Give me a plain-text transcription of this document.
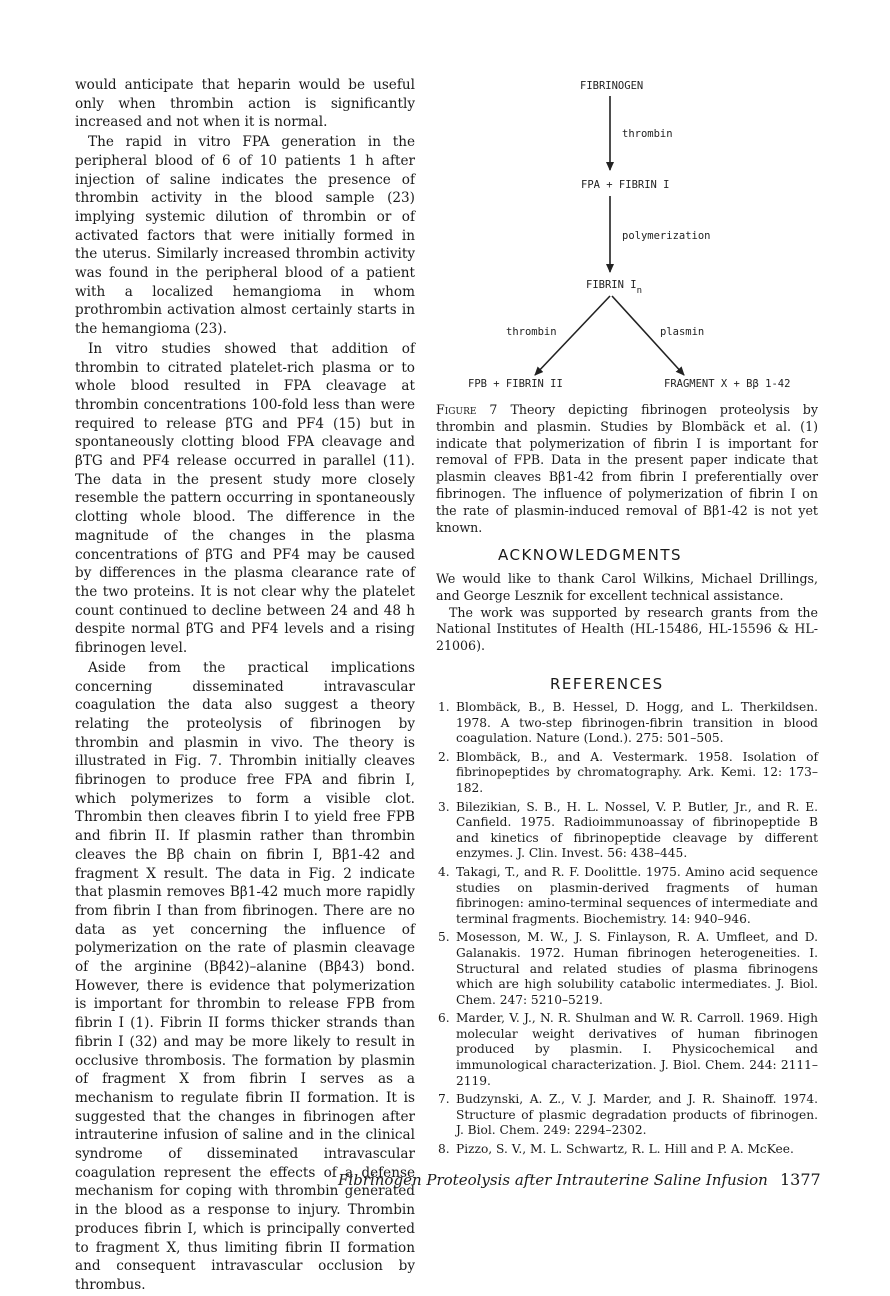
would anticipate that heparin would be useful only when thrombin action is significantly increased and not when it is normal.

The rapid in vitro FPA generation in the peripheral blood of 6 of 10 patients 1 h after injection of saline indicates the presence of thrombin activity in the blood sample (23) implying systemic dilution of thrombin or of activated factors that were initially formed in the uterus. Similarly increased thrombin activity was found in the peripheral blood of a patient with a localized hemangioma in whom prothrombin activation almost certainly starts in the hemangioma (23).

In vitro studies showed that addition of thrombin to citrated platelet-rich plasma or to whole blood resulted in FPA cleavage at thrombin concentrations 100-fold less than were required to release βTG and PF4 (15) but in spontaneously clotting blood FPA cleavage and βTG and PF4 release occurred in parallel (11). The data in the present study more closely resemble the pattern occurring in spontaneously clotting whole blood. The difference in the magnitude of the changes in the plasma concentrations of βTG and PF4 may be caused by differences in the plasma clearance rate of the two proteins. It is not clear why the platelet count continued to decline between 24 and 48 h despite normal βTG and PF4 levels and a rising fibrinogen level.

Aside from the practical implications concerning disseminated intravascular coagulation the data also suggest a theory relating the proteolysis of fibrinogen by thrombin and plasmin in vivo. The theory is illustrated in Fig. 7. Thrombin initially cleaves fibrinogen to produce free FPA and fibrin I, which polymerizes to form a visible clot. Thrombin then cleaves fibrin I to yield free FPB and fibrin II. If plasmin rather than thrombin cleaves the Bβ chain on fibrin I, Bβ1-42 and fragment X result. The data in Fig. 2 indicate that plasmin removes Bβ1-42 much more rapidly from fibrin I than from fibrinogen. There are no data as yet concerning the influence of polymerization on the rate of plasmin cleavage of the arginine (Bβ42)–alanine (Bβ43) bond. However, there is evidence that polymerization is important for thrombin to release FPB from fibrin I (1). Fibrin II forms thicker strands than fibrin I (32) and may be more likely to result in occlusive thrombosis. The formation by plasmin of fragment X from fibrin I serves as a mechanism to regulate fibrin II formation. It is suggested that the changes in fibrinogen after intrauterine infusion of saline and in the clinical syndrome of disseminated intravascular coagulation represent the effects of a defense mechanism for coping with thrombin generated in the blood as a response to injury. Thrombin produces fibrin I, which is principally converted to fragment X, thus limiting fibrin II formation and consequent intravascular occlusion by thrombus.

FIBRINOGEN
thrombin
FPA + FIBRIN I
polymerization
FIBRIN In
thrombin	plasmin
FPB + FIBRIN II	FRAGMENT X + Bβ 1-42
Figure 7 Theory depicting fibrinogen proteolysis by thrombin and plasmin. Studies by Blombäck et al. (1) indicate that polymerization of fibrin I is important for removal of FPB. Data in the present paper indicate that plasmin cleaves Bβ1-42 from fibrin I preferentially over fibrinogen. The influence of polymerization of fibrin I on the rate of plasmin-induced removal of Bβ1-42 is not yet known.
ACKNOWLEDGMENTS

We would like to thank Carol Wilkins, Michael Drillings, and George Lesznik for excellent technical assistance.

The work was supported by research grants from the National Institutes of Health (HL-15486, HL-15596 & HL-21006).

REFERENCES
1. Blombäck, B., B. Hessel, D. Hogg, and L. Therkildsen. 1978. A two-step fibrinogen-fibrin transition in blood coagulation. Nature (Lond.). 275: 501–505.
2. Blombäck, B., and A. Vestermark. 1958. Isolation of fibrinopeptides by chromatography. Ark. Kemi. 12: 173–182.
3. Bilezikian, S. B., H. L. Nossel, V. P. Butler, Jr., and R. E. Canfield. 1975. Radioimmunoassay of fibrinopeptide B and kinetics of fibrinopeptide cleavage by different enzymes. J. Clin. Invest. 56: 438–445.
4. Takagi, T., and R. F. Doolittle. 1975. Amino acid sequence studies on plasmin-derived fragments of human fibrinogen: amino-terminal sequences of intermediate and terminal fragments. Biochemistry. 14: 940–946.
5. Mosesson, M. W., J. S. Finlayson, R. A. Umfleet, and D. Galanakis. 1972. Human fibrinogen heterogeneities. I. Structural and related studies of plasma fibrinogens which are high solubility catabolic intermediates. J. Biol. Chem. 247: 5210–5219.
6. Marder, V. J., N. R. Shulman and W. R. Carroll. 1969. High molecular weight derivatives of human fibrinogen produced by plasmin. I. Physicochemical and immunological characterization. J. Biol. Chem. 244: 2111–2119.
7. Budzynski, A. Z., V. J. Marder, and J. R. Shainoff. 1974. Structure of plasmic degradation products of fibrinogen. J. Biol. Chem. 249: 2294–2302.
8. Pizzo, S. V., M. L. Schwartz, R. L. Hill and P. A. McKee.
Fibrinogen Proteolysis after Intrauterine Saline Infusion 1377
